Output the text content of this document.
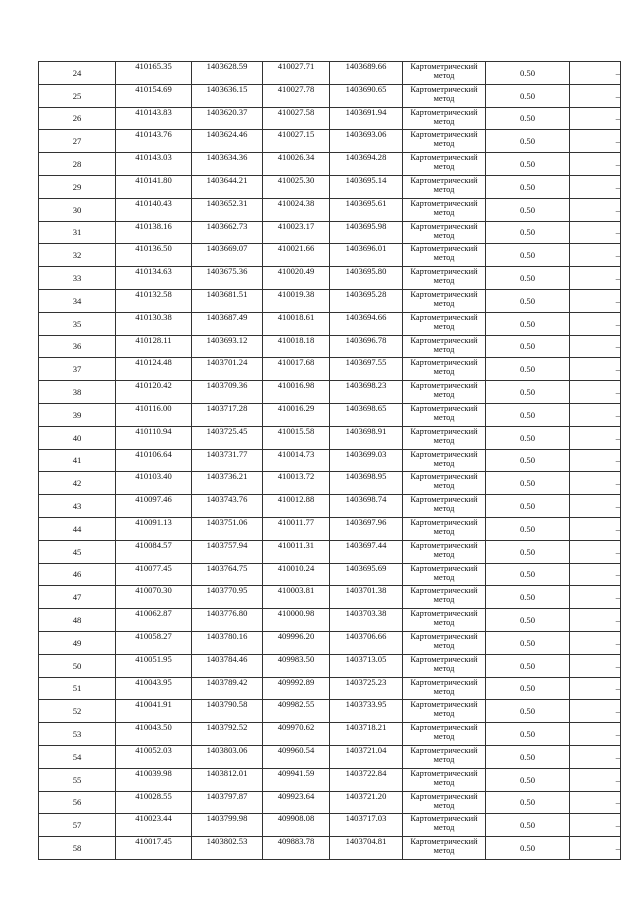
24	410165.35	1403628.59	410027.71	1403689.66	Картометрический
метод	0.50	–
25	410154.69	1403636.15	410027.78	1403690.65	Картометрический
метод	0.50	–
26	410143.83	1403620.37	410027.58	1403691.94	Картометрический
метод	0.50	–
27	410143.76	1403624.46	410027.15	1403693.06	Картометрический
метод	0.50	–
28	410143.03	1403634.36	410026.34	1403694.28	Картометрический
метод	0.50	–
29	410141.80	1403644.21	410025.30	1403695.14	Картометрический
метод	0.50	–
30	410140.43	1403652.31	410024.38	1403695.61	Картометрический
метод	0.50	–
31	410138.16	1403662.73	410023.17	1403695.98	Картометрический
метод	0.50	–
32	410136.50	1403669.07	410021.66	1403696.01	Картометрический
метод	0.50	–
33	410134.63	1403675.36	410020.49	1403695.80	Картометрический
метод	0.50	–
34	410132.58	1403681.51	410019.38	1403695.28	Картометрический
метод	0.50	–
35	410130.38	1403687.49	410018.61	1403694.66	Картометрический
метод	0.50	–
36	410128.11	1403693.12	410018.18	1403696.78	Картометрический
метод	0.50	–
37	410124.48	1403701.24	410017.68	1403697.55	Картометрический
метод	0.50	–
38	410120.42	1403709.36	410016.98	1403698.23	Картометрический
метод	0.50	–
39	410116.00	1403717.28	410016.29	1403698.65	Картометрический
метод	0.50	–
40	410110.94	1403725.45	410015.58	1403698.91	Картометрический
метод	0.50	–
41	410106.64	1403731.77	410014.73	1403699.03	Картометрический
метод	0.50	–
42	410103.40	1403736.21	410013.72	1403698.95	Картометрический
метод	0.50	–
43	410097.46	1403743.76	410012.88	1403698.74	Картометрический
метод	0.50	–
44	410091.13	1403751.06	410011.77	1403697.96	Картометрический
метод	0.50	–
45	410084.57	1403757.94	410011.31	1403697.44	Картометрический
метод	0.50	–
46	410077.45	1403764.75	410010.24	1403695.69	Картометрический
метод	0.50	–
47	410070.30	1403770.95	410003.81	1403701.38	Картометрический
метод	0.50	–
48	410062.87	1403776.80	410000.98	1403703.38	Картометрический
метод	0.50	–
49	410058.27	1403780.16	409996.20	1403706.66	Картометрический
метод	0.50	–
50	410051.95	1403784.46	409983.50	1403713.05	Картометрический
метод	0.50	–
51	410043.95	1403789.42	409992.89	1403725.23	Картометрический
метод	0.50	–
52	410041.91	1403790.58	409982.55	1403733.95	Картометрический
метод	0.50	–
53	410043.50	1403792.52	409970.62	1403718.21	Картометрический
метод	0.50	–
54	410052.03	1403803.06	409960.54	1403721.04	Картометрический
метод	0.50	–
55	410039.98	1403812.01	409941.59	1403722.84	Картометрический
метод	0.50	–
56	410028.55	1403797.87	409923.64	1403721.20	Картометрический
метод	0.50	–
57	410023.44	1403799.98	409908.08	1403717.03	Картометрический
метод	0.50	–
58	410017.45	1403802.53	409883.78	1403704.81	Картометрический
метод	0.50	–
